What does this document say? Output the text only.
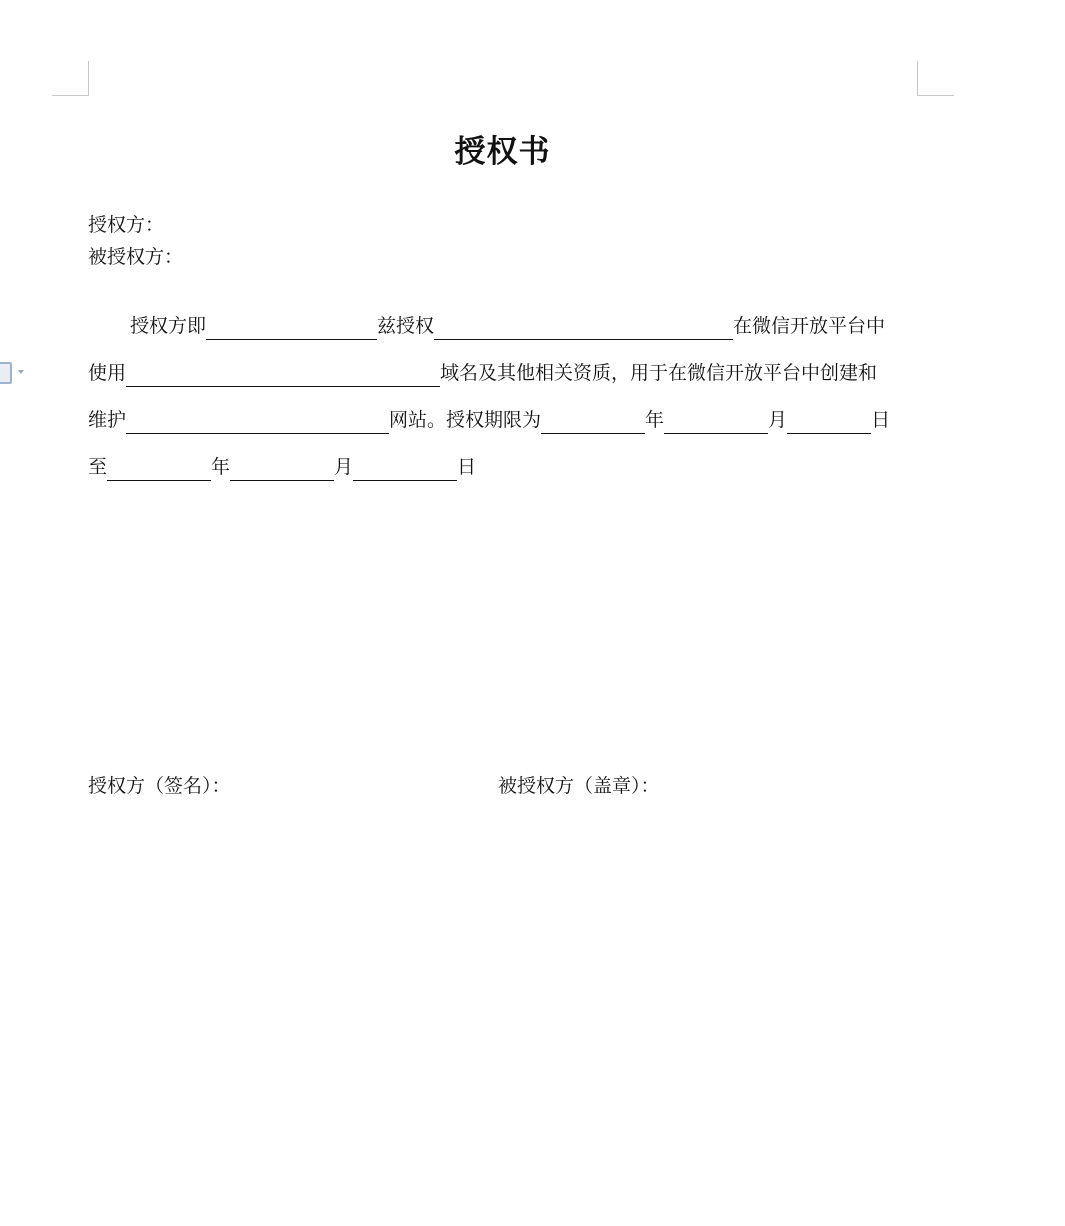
授权书
授权方：
被授权方：
授权方即	兹授权	在微信开放平台中
使用	域名及其他相关资质，用于在微信开放平台中创建和
维护	网站。授权期限为	年	月	日
至	年	月	日
授权方（签名）：	被授权方（盖章）：
